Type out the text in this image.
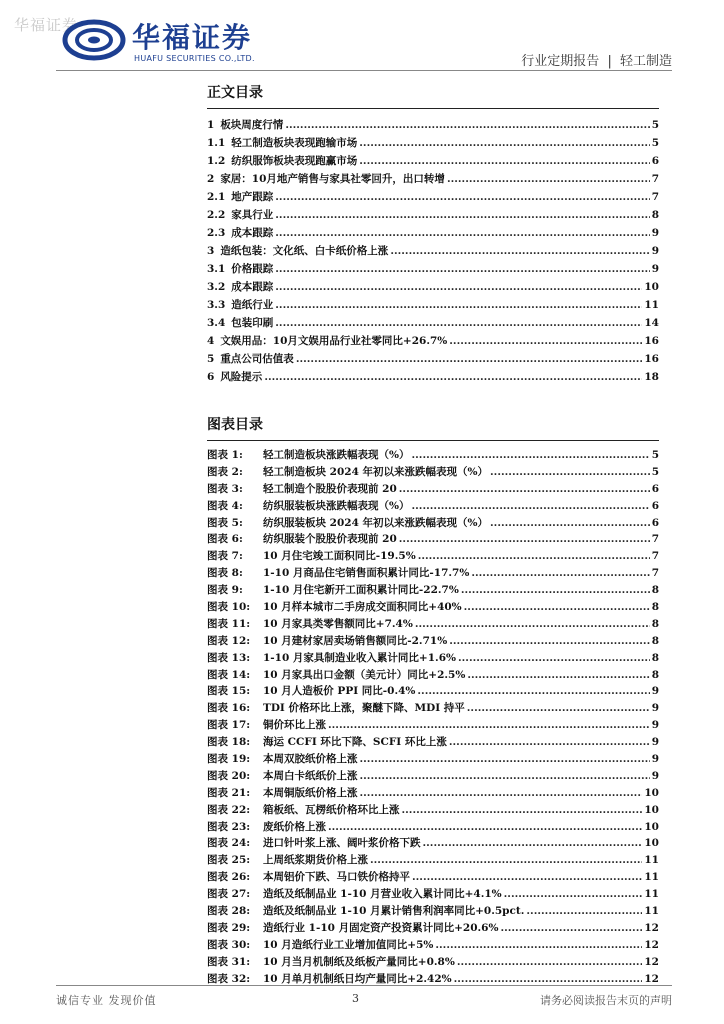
华福证券 华福证券
HUAFU SECURITIES CO.,LTD.	行业定期报告 | 轻工制造
正文目录
1 板块周度行情 .....	5
1.1 轻工制造板块表现跑输市场 .....	5
1.2 纺织服饰板块表现跑赢市场 .....	6
2 家居：10月地产销售与家具社零回升，出口转增 .....	7
2.1 地产跟踪 .....	7
2.2 家具行业 .....	8
2.3 成本跟踪 .....	9
3 造纸包装：文化纸、白卡纸价格上涨 .....	9
3.1 价格跟踪 .....	9
3.2 成本跟踪 .....	10
3.3 造纸行业 .....	11
3.4 包装印刷 .....	14
4 文娱用品：10月文娱用品行业社零同比+26.7% .....	16
5 重点公司估值表 .....	16
6 风险提示 .....	18
图表目录
图表 1:	轻工制造板块涨跌幅表现（%） .....	5
图表 2:	轻工制造板块 2024 年初以来涨跌幅表现（%） .....	5
图表 3:	轻工制造个股股价表现前 20 .....	6
图表 4:	纺织服装板块涨跌幅表现（%） .....	6
图表 5:	纺织服装板块 2024 年初以来涨跌幅表现（%） .....	6
图表 6:	纺织服装个股股价表现前 20 .....	7
图表 7:	10 月住宅竣工面积同比-19.5% .....	7
图表 8:	1-10 月商品住宅销售面积累计同比-17.7% .....	7
图表 9:	1-10 月住宅新开工面积累计同比-22.7% .....	8
图表 10:	10 月样本城市二手房成交面积同比+40% .....	8
图表 11:	10 月家具类零售额同比+7.4% .....	8
图表 12:	10 月建材家居卖场销售额同比-2.71% .....	8
图表 13:	1-10 月家具制造业收入累计同比+1.6% .....	8
图表 14:	10 月家具出口金额（美元计）同比+2.5% .....	8
图表 15:	10 月人造板价 PPI 同比-0.4% .....	9
图表 16:	TDI 价格环比上涨，聚醚下降、MDI 持平 .....	9
图表 17:	铜价环比上涨 .....	9
图表 18:	海运 CCFI 环比下降、SCFI 环比上涨 .....	9
图表 19:	本周双胶纸价格上涨 .....	9
图表 20:	本周白卡纸纸价上涨 .....	9
图表 21:	本周铜版纸价格上涨 .....	10
图表 22:	箱板纸、瓦楞纸价格环比上涨 .....	10
图表 23:	废纸价格上涨 .....	10
图表 24:	进口针叶浆上涨、阔叶浆价格下跌 .....	10
图表 25:	上周纸浆期货价格上涨 .....	11
图表 26:	本周铝价下跌、马口铁价格持平 .....	11
图表 27:	造纸及纸制品业 1-10 月营业收入累计同比+4.1% .....	11
图表 28:	造纸及纸制品业 1-10 月累计销售利润率同比+0.5pct. .....	11
图表 29:	造纸行业 1-10 月固定资产投资累计同比+20.6% .....	12
图表 30:	10 月造纸行业工业增加值同比+5% .....	12
图表 31:	10 月当月机制纸及纸板产量同比+0.8% .....	12
图表 32:	10 月单月机制纸日均产量同比+2.42% .....	12
诚信专业 发现价值	3	请务必阅读报告末页的声明
